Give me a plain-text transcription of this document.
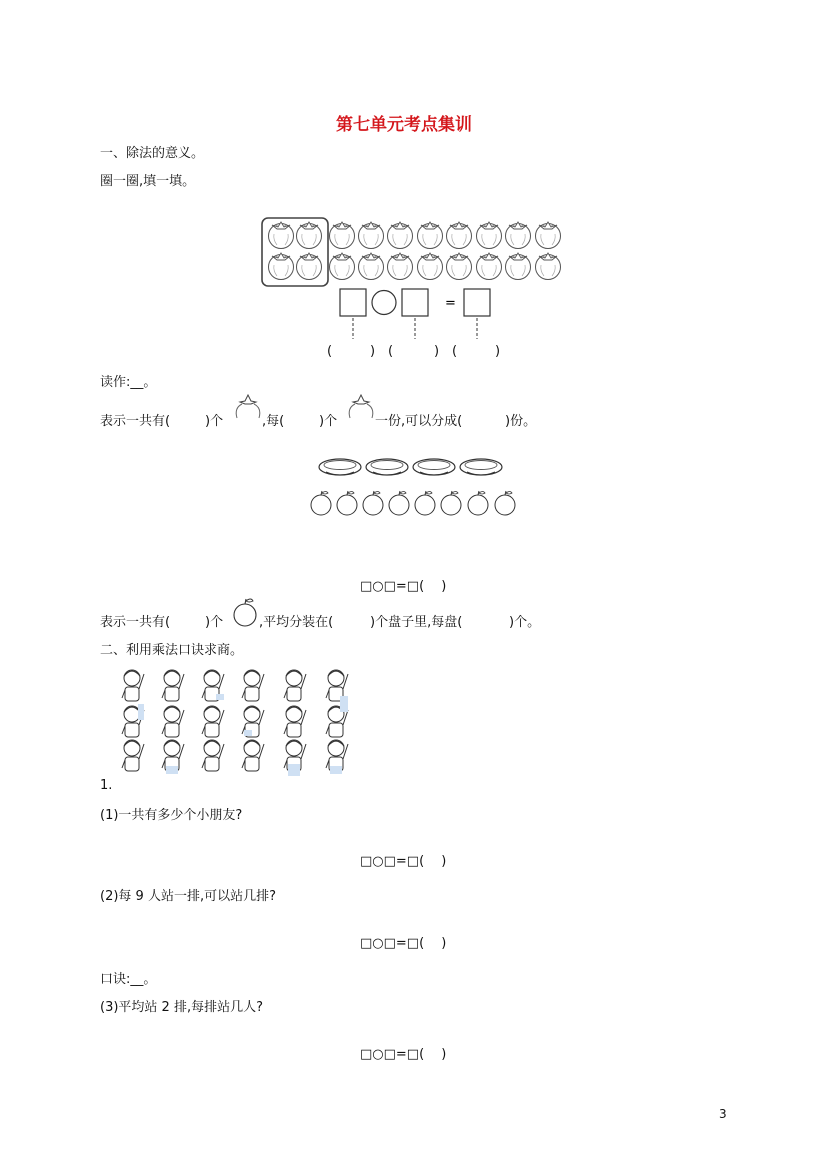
第七单元考点集训
一、除法的意义。
圈一圈,填一填。
=
(	) (	) (	)
读作:__。
表示一共有(	)个	,每(	)个	一份,可以分成(	)份。
□○□=□(　 )
表示一共有(	)个	,平均分装在(	)个盘子里,每盘(	)个。
二、利用乘法口诀求商。
1.
(1)一共有多少个小朋友?
□○□=□(　 )
(2)每 9 人站一排,可以站几排?
□○□=□(　 )
口诀:__。
(3)平均站 2 排,每排站几人?
□○□=□(　 )
3
